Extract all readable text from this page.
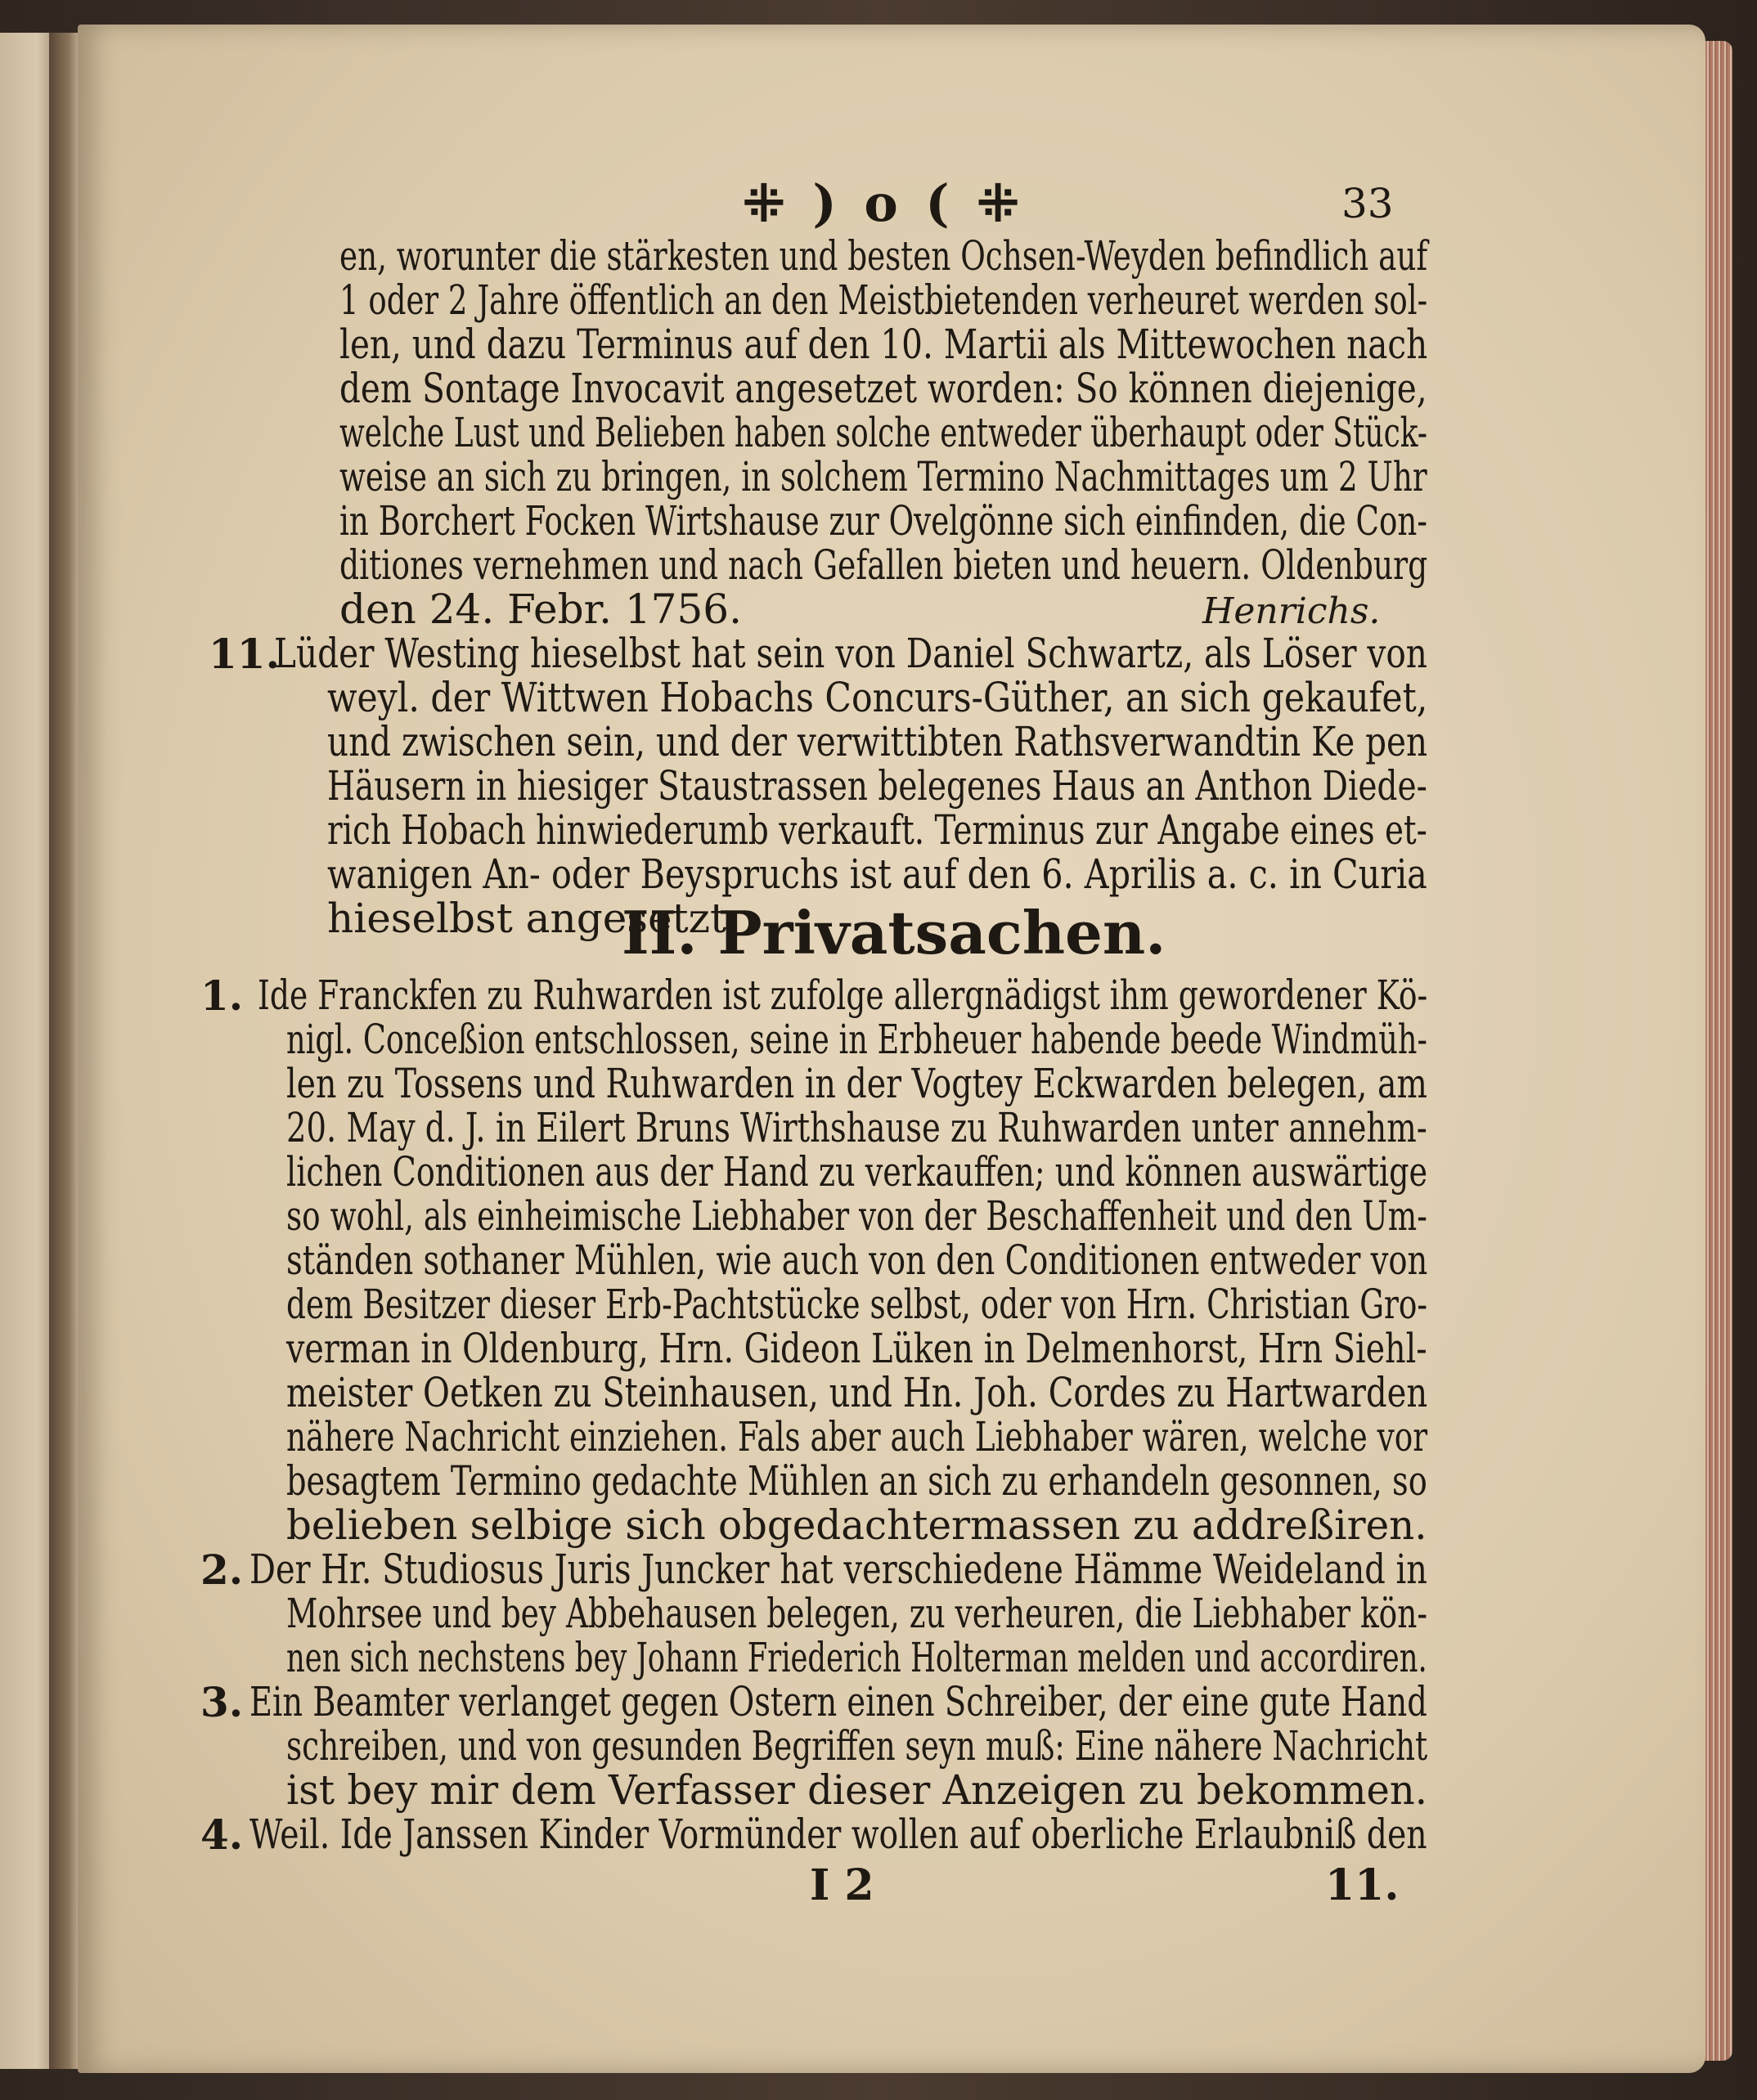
⁜ ) o ( ⁜	33
en, worunter die stärkesten und besten Ochsen-Weyden befindlich auf
1 oder 2 Jahre öffentlich an den Meistbietenden verheuret werden sol-
len, und dazu Terminus auf den 10. Martii als Mittewochen nach
dem Sontage Invocavit angesetzet worden: So können diejenige,
welche Lust und Belieben haben solche entweder überhaupt oder Stück-
weise an sich zu bringen, in solchem Termino Nachmittages um 2 Uhr
in Borchert Focken Wirtshause zur Ovelgönne sich einfinden, die Con-
ditiones vernehmen und nach Gefallen bieten und heuern. Oldenburg
den 24. Febr. 1756.	Henrichs.
11.
Lüder Westing hieselbst hat sein von Daniel Schwartz, als Löser von
weyl. der Wittwen Hobachs Concurs-Güther, an sich gekaufet,
und zwischen sein, und der verwittibten Rathsverwandtin Ke pen
Häusern in hiesiger Staustrassen belegenes Haus an Anthon Diede-
rich Hobach hinwiederumb verkauft. Terminus zur Angabe eines et-
wanigen An- oder Beyspruchs ist auf den 6. Aprilis a. c. in Curia
hieselbst angesetzt.
II. Privatsachen.
1. Ide Franckfen zu Ruhwarden ist zufolge allergnädigst ihm gewordener Kö-
nigl. Conceßion entschlossen, seine in Erbheuer habende beede Windmüh-
len zu Tossens und Ruhwarden in der Vogtey Eckwarden belegen, am
20. May d. J. in Eilert Bruns Wirthshause zu Ruhwarden unter annehm-
lichen Conditionen aus der Hand zu verkauffen; und können auswärtige
so wohl, als einheimische Liebhaber von der Beschaffenheit und den Um-
ständen sothaner Mühlen, wie auch von den Conditionen entweder von
dem Besitzer dieser Erb-Pachtstücke selbst, oder von Hrn. Christian Gro-
verman in Oldenburg, Hrn. Gideon Lüken in Delmenhorst, Hrn Siehl-
meister Oetken zu Steinhausen, und Hn. Joh. Cordes zu Hartwarden
nähere Nachricht einziehen. Fals aber auch Liebhaber wären, welche vor
besagtem Termino gedachte Mühlen an sich zu erhandeln gesonnen, so
belieben selbige sich obgedachtermassen zu addreßiren.
2. Der Hr. Studiosus Juris Juncker hat verschiedene Hämme Weideland in
Mohrsee und bey Abbehausen belegen, zu verheuren, die Liebhaber kön-
nen sich nechstens bey Johann Friederich Holterman melden und accordiren.
3. Ein Beamter verlanget gegen Ostern einen Schreiber, der eine gute Hand
schreiben, und von gesunden Begriffen seyn muß: Eine nähere Nachricht
ist bey mir dem Verfasser dieser Anzeigen zu bekommen.
4. Weil. Ide Janssen Kinder Vormünder wollen auf oberliche Erlaubniß den
I 2	11.
